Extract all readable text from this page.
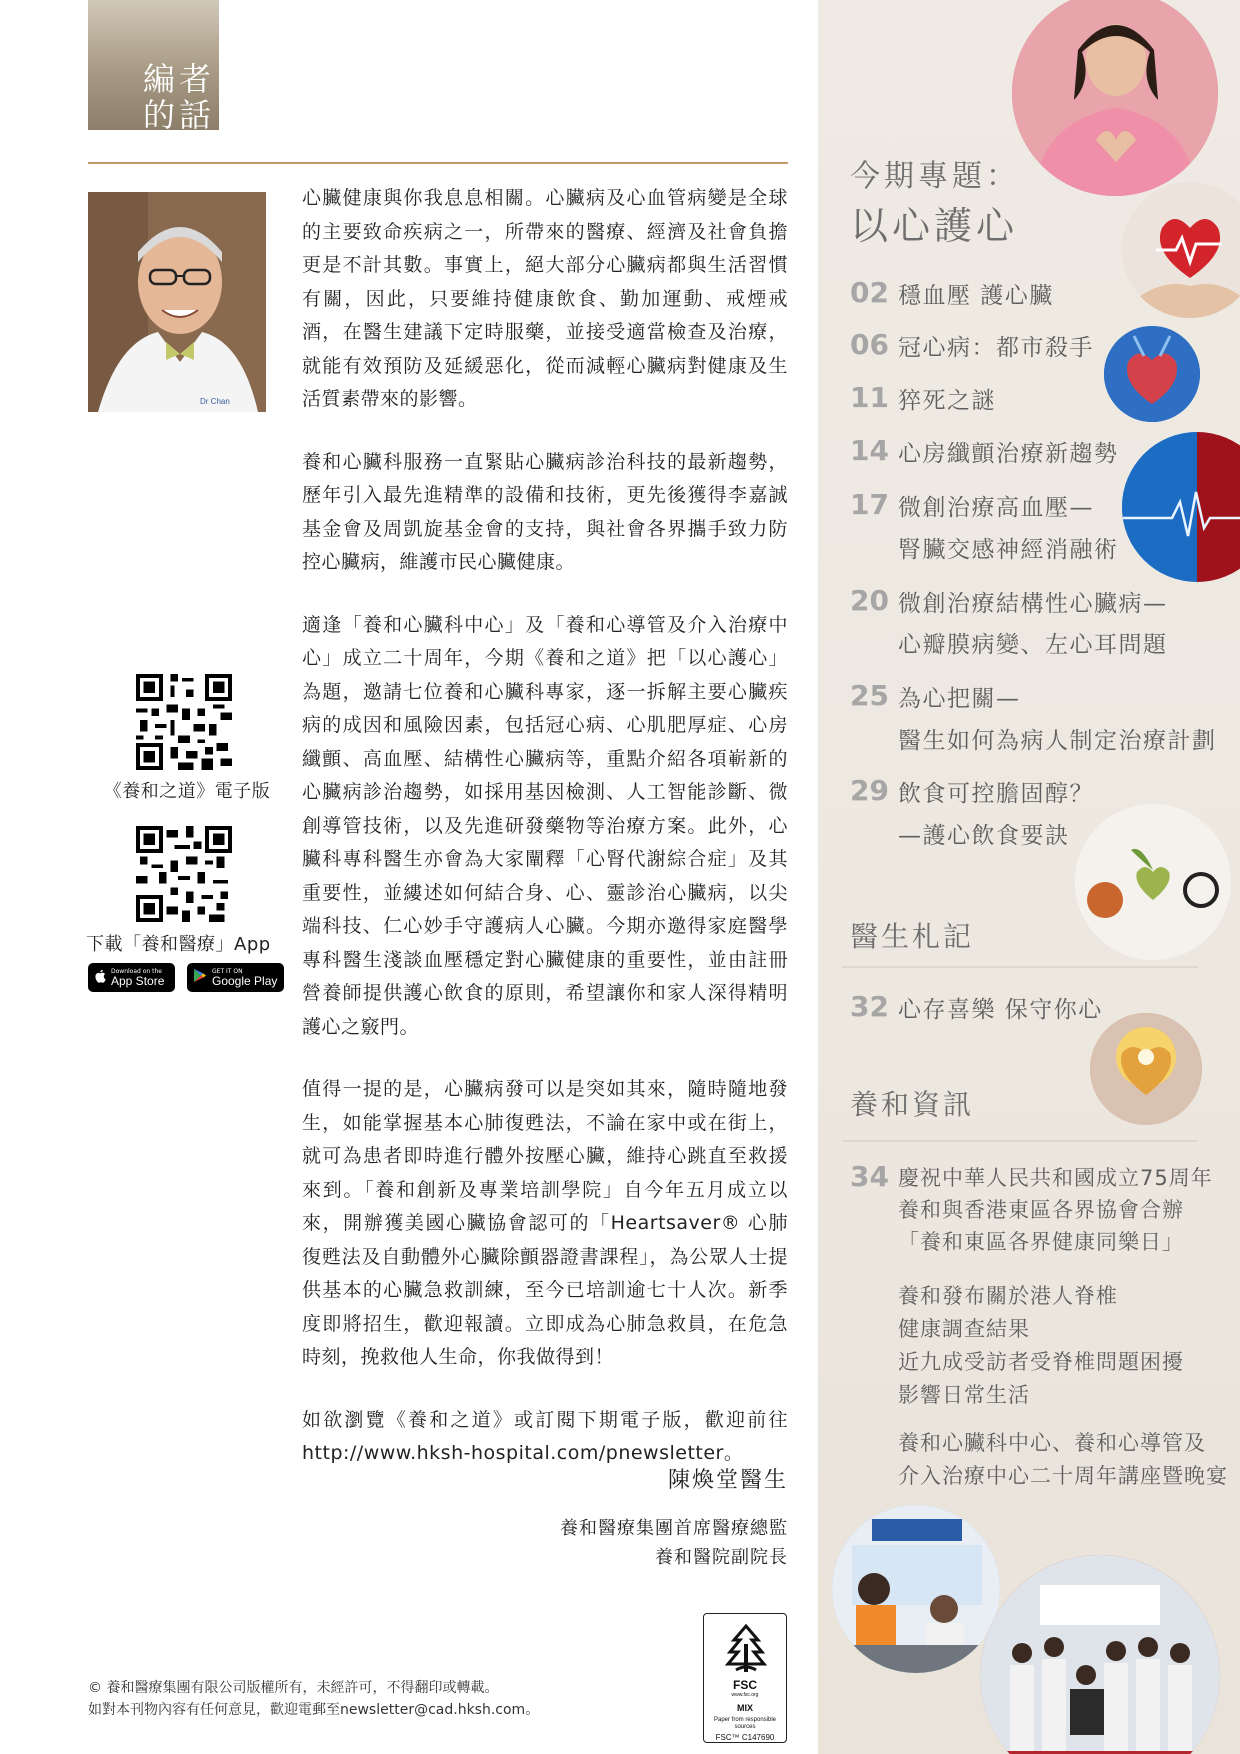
編者
的話
Dr Chan

心臟健康與你我息息相關。心臟病及心血管病變是全球的主要致命疾病之一，所帶來的醫療、經濟及社會負擔更是不計其數。事實上，絕大部分心臟病都與生活習慣有關，因此，只要維持健康飲食、勤加運動、戒煙戒酒，在醫生建議下定時服藥，並接受適當檢查及治療，就能有效預防及延緩惡化，從而減輕心臟病對健康及生活質素帶來的影響。

養和心臟科服務一直緊貼心臟病診治科技的最新趨勢，歷年引入最先進精準的設備和技術，更先後獲得李嘉誠基金會及周凱旋基金會的支持，與社會各界攜手致力防控心臟病，維護市民心臟健康。

適逢「養和心臟科中心」及「養和心導管及介入治療中心」成立二十周年，今期《養和之道》把「以心護心」為題，邀請七位養和心臟科專家，逐一拆解主要心臟疾病的成因和風險因素，包括冠心病、心肌肥厚症、心房纖顫、高血壓、結構性心臟病等，重點介紹各項嶄新的心臟病診治趨勢，如採用基因檢測、人工智能診斷、微創導管技術，以及先進研發藥物等治療方案。此外，心臟科專科醫生亦會為大家闡釋「心腎代謝綜合症」及其重要性，並縷述如何結合身、心、靈診治心臟病，以尖端科技、仁心妙手守護病人心臟。今期亦邀得家庭醫學專科醫生淺談血壓穩定對心臟健康的重要性，並由註冊營養師提供護心飲食的原則，希望讓你和家人深得精明護心之竅門。

值得一提的是，心臟病發可以是突如其來，隨時隨地發生，如能掌握基本心肺復甦法，不論在家中或在街上，就可為患者即時進行體外按壓心臟，維持心跳直至救援來到。「養和創新及專業培訓學院」自今年五月成立以來，開辦獲美國心臟協會認可的「Heartsaver® 心肺復甦法及自動體外心臟除顫器證書課程」，為公眾人士提供基本的心臟急救訓練，至今已培訓逾七十人次。新季度即將招生，歡迎報讀。立即成為心肺急救員，在危急時刻，挽救他人生命，你我做得到！

如欲瀏覽《養和之道》或訂閱下期電子版，歡迎前往 http://www.hksh-hospital.com/pnewsletter。

陳煥堂醫生
養和醫療集團首席醫療總監
養和醫院副院長
《養和之道》電子版
下載「養和醫療」App
Download on the
App Store
GET IT ON
Google Play
© 養和醫療集團有限公司版權所有，未經許可，不得翻印或轉載。
如對本刊物內容有任何意見，歡迎電郵至newsletter@cad.hksh.com。
FSC
www.fsc.org
MIX
Paper from responsible sources
FSC™ C147690
今期專題：
以心護心
02 穩血壓 護心臟
06 冠心病：都市殺手
11 猝死之謎
14 心房纖顫治療新趨勢
17 微創治療高血壓—
腎臟交感神經消融術
20 微創治療結構性心臟病—
心瓣膜病變、左心耳問題
25 為心把關—
醫生如何為病人制定治療計劃
29 飲食可控膽固醇？
—護心飲食要訣
醫生札記
32 心存喜樂 保守你心
養和資訊
34 慶祝中華人民共和國成立75周年
養和與香港東區各界協會合辦
「養和東區各界健康同樂日」
養和發布關於港人脊椎
健康調查結果
近九成受訪者受脊椎問題困擾
影響日常生活
養和心臟科中心、養和心導管及
介入治療中心二十周年講座暨晚宴
